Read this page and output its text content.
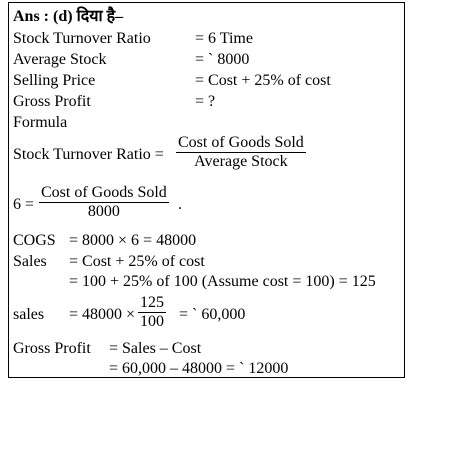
Ans : (d) दिया है–
Stock Turnover Ratio	= 6 Time
Average Stock	= ` 8000
Selling Price	= Cost + 25% of cost
Gross Profit	= ?
Formula
Stock Turnover Ratio =
Cost of Goods Sold
Average Stock
6 =
Cost of Goods Sold
8000	.
COGS = 8000 × 6 = 48000
Sales = Cost + 25% of cost
= 100 + 25% of 100 (Assume cost = 100) = 125
sales = 48000 ×
125
100 = ` 60,000
Gross Profit = Sales – Cost
= 60,000 – 48000 = ` 12000
